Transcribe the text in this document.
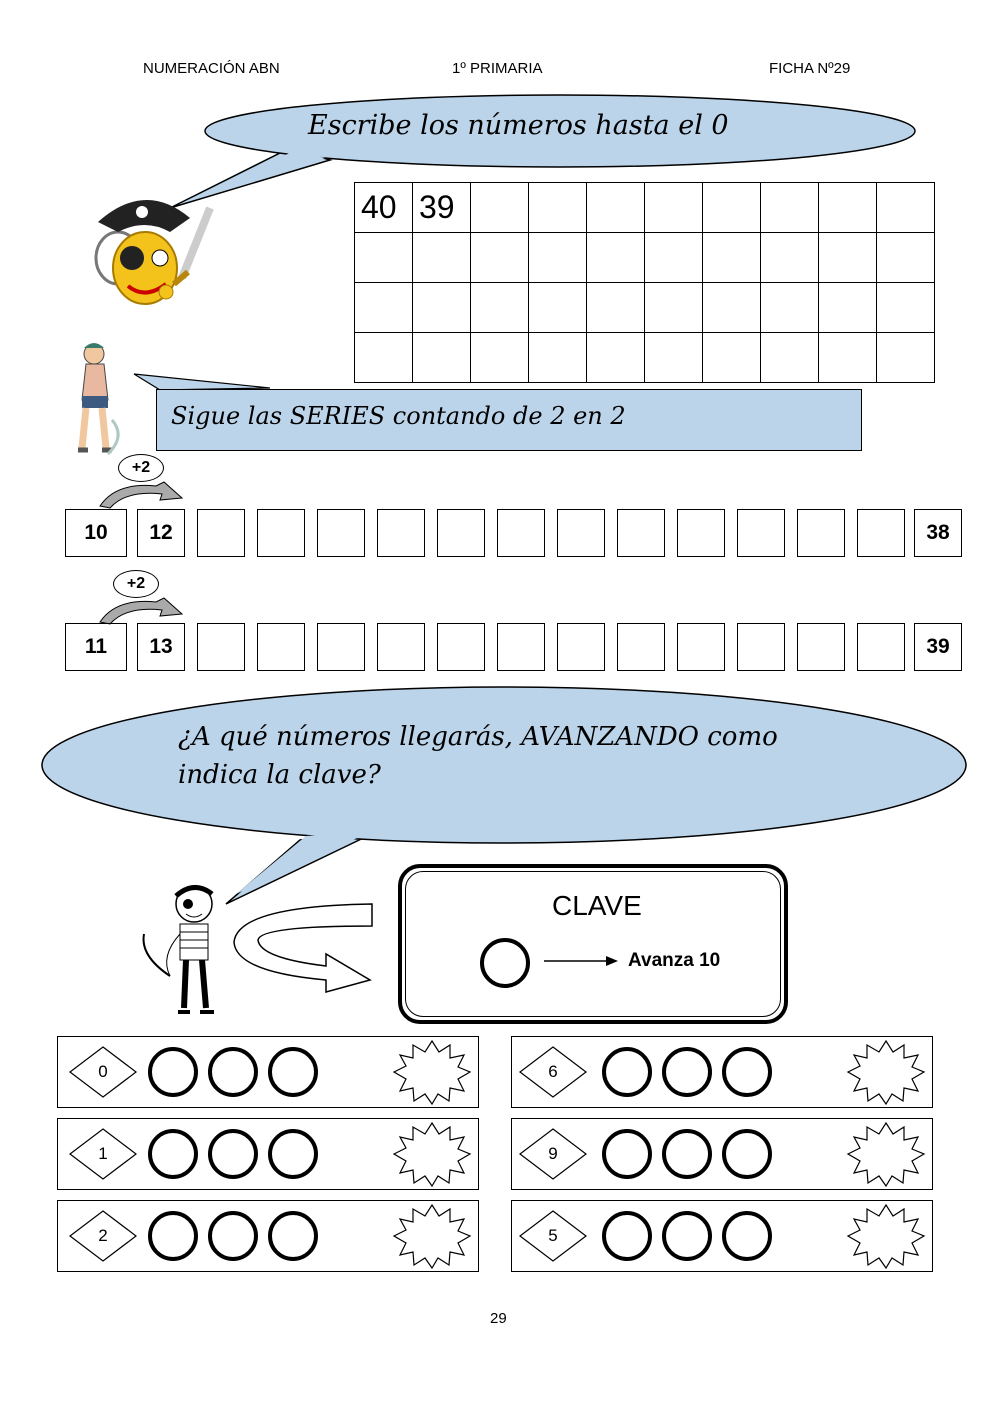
NUMERACIÓN ABN	1º PRIMARIA	FICHA Nº29
Escribe los números hasta el 0
40 39
Sigue las SERIES contando de 2 en 2
+2
10	12	38
+2
11	13	39
¿A qué números llegarás, AVANZANDO como
indica la clave?
CLAVE
Avanza 10
0
1
2
6
9
5
29
